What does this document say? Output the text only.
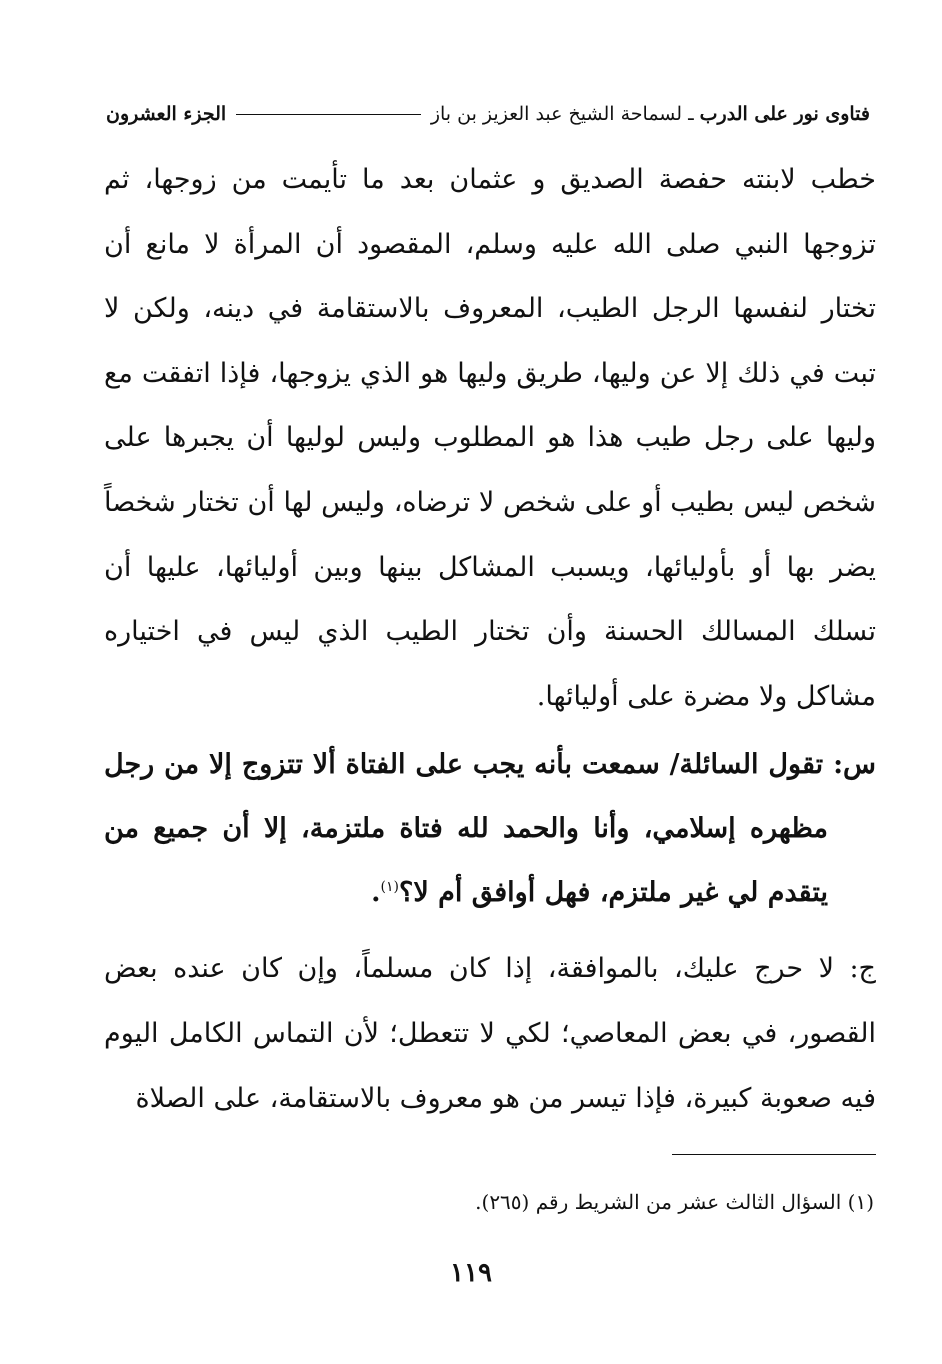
فتاوى نور على الدرب
ـ لسماحة الشيخ عبد العزيز بن باز
الجزء العشرون

خطب لابنته حفصة الصديق و عثمان بعد ما تأيمت من زوجها، ثم تزوجها النبي صلى الله عليه وسلم، المقصود أن المرأة لا مانع أن تختار لنفسها الرجل الطيب، المعروف بالاستقامة في دينه، ولكن لا تبت في ذلك إلا عن وليها، طريق وليها هو الذي يزوجها، فإذا اتفقت مع وليها على رجل طيب هذا هو المطلوب وليس لوليها أن يجبرها على شخص ليس بطيب أو على شخص لا ترضاه، وليس لها أن تختار شخصاً يضر بها أو بأوليائها، ويسبب المشاكل بينها وبين أوليائها، عليها أن تسلك المسالك الحسنة وأن تختار الطيب الذي ليس في اختياره مشاكل ولا مضرة على أوليائها.

س: تقول السائلة/ سمعت بأنه يجب على الفتاة ألا تتزوج إلا من رجل مظهره إسلامي، وأنا والحمد لله فتاة ملتزمة، إلا أن جميع من يتقدم لي غير ملتزم، فهل أوافق أم لا؟$^{(١)}$.

ج: لا حرج عليك، بالموافقة، إذا كان مسلماً، وإن كان عنده بعض القصور، في بعض المعاصي؛ لكي لا تتعطل؛ لأن التماس الكامل اليوم فيه صعوبة كبيرة، فإذا تيسر من هو معروف بالاستقامة، على الصلاة

(١) السؤال الثالث عشر من الشريط رقم (٢٦٥).
١١٩
